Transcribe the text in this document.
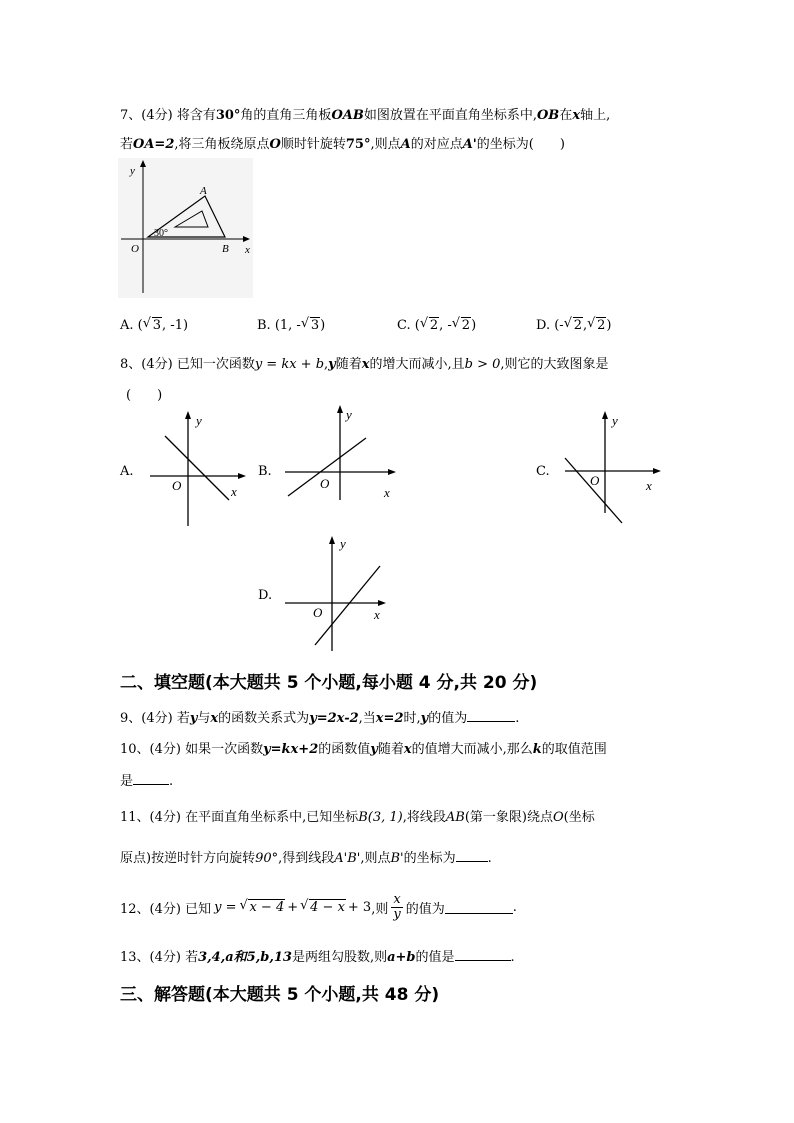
7、(4分) 将含有30°角的直角三角板OAB如图放置在平面直角坐标系中,OB在x轴上,
若OA=2,将三角板绕原点O顺时针旋转75°,则点A的对应点A'的坐标为(　　)
y
x
O
A
B
30°
A. ( √ 3, -1)	B. (1, - √ 3)	C. ( √ 2, - √ 2)	D. (- √ 2, √ 2)
8、(4分) 已知一次函数y = kx + b,y随着x的增大而减小,且b > 0,则它的大致图象是
(　　)
A.
y
x
O
B.
y
x
O
C.
y
x
O
D.
y
x
O
二、填空题(本大题共 5 个小题,每小题 4 分,共 20 分)
9、(4分) 若y与x的函数关系式为y=2x-2,当x=2时,y的值为	.
10、(4分) 如果一次函数y=kx+2的函数值y随着x的值增大而减小,那么k的取值范围
是	.
11、(4分) 在平面直角坐标系中,已知坐标B(3, 1),将线段AB(第一象限)绕点O(坐标
原点)按逆时针方向旋转90°,得到线段A'B',则点B'的坐标为 .
12、(4分) 已知 y =	√ x − 4 + √ 4 − x + 3 ,则 $\frac{x}{y}$ 的值为	.
13、(4分) 若3,4,a和5,b,13是两组勾股数,则a+b的值是	.
三、解答题(本大题共 5 个小题,共 48 分)
